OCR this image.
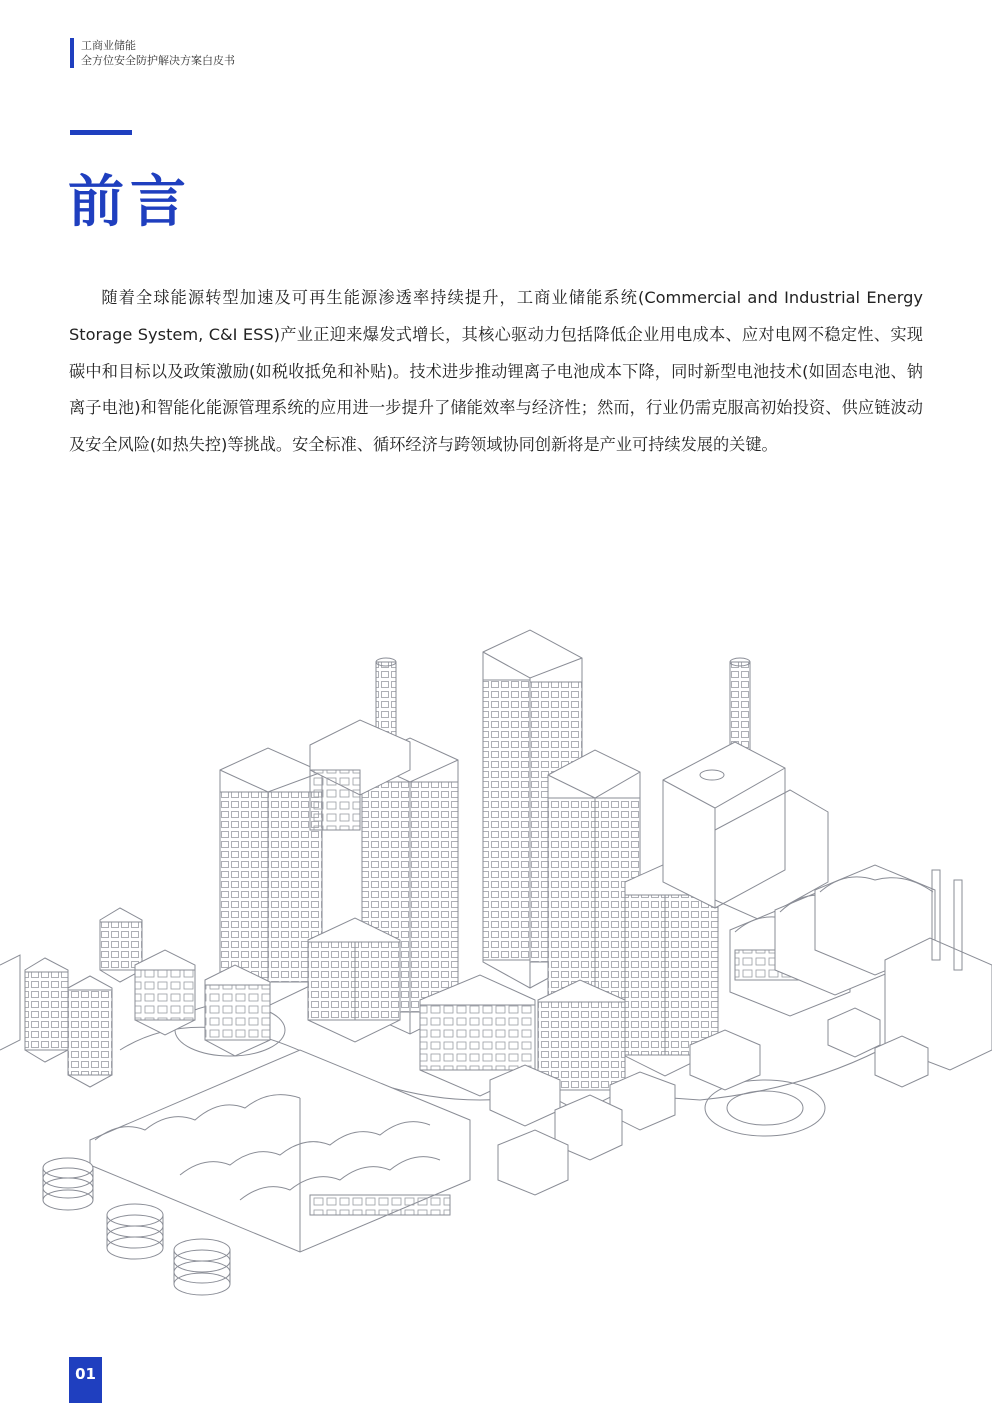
工商业储能
全方位安全防护解决方案白皮书
前言

随着全球能源转型加速及可再生能源渗透率持续提升，工商业储能系统(Commercial and Industrial Energy Storage System, C&I ESS)产业正迎来爆发式增长，其核心驱动力包括降低企业用电成本、应对电网不稳定性、实现碳中和目标以及政策激励(如税收抵免和补贴)。技术进步推动锂离子电池成本下降，同时新型电池技术(如固态电池、钠离子电池)和智能化能源管理系统的应用进一步提升了储能效率与经济性；然而，行业仍需克服高初始投资、供应链波动及安全风险(如热失控)等挑战。安全标准、循环经济与跨领域协同创新将是产业可持续发展的关键。

01
